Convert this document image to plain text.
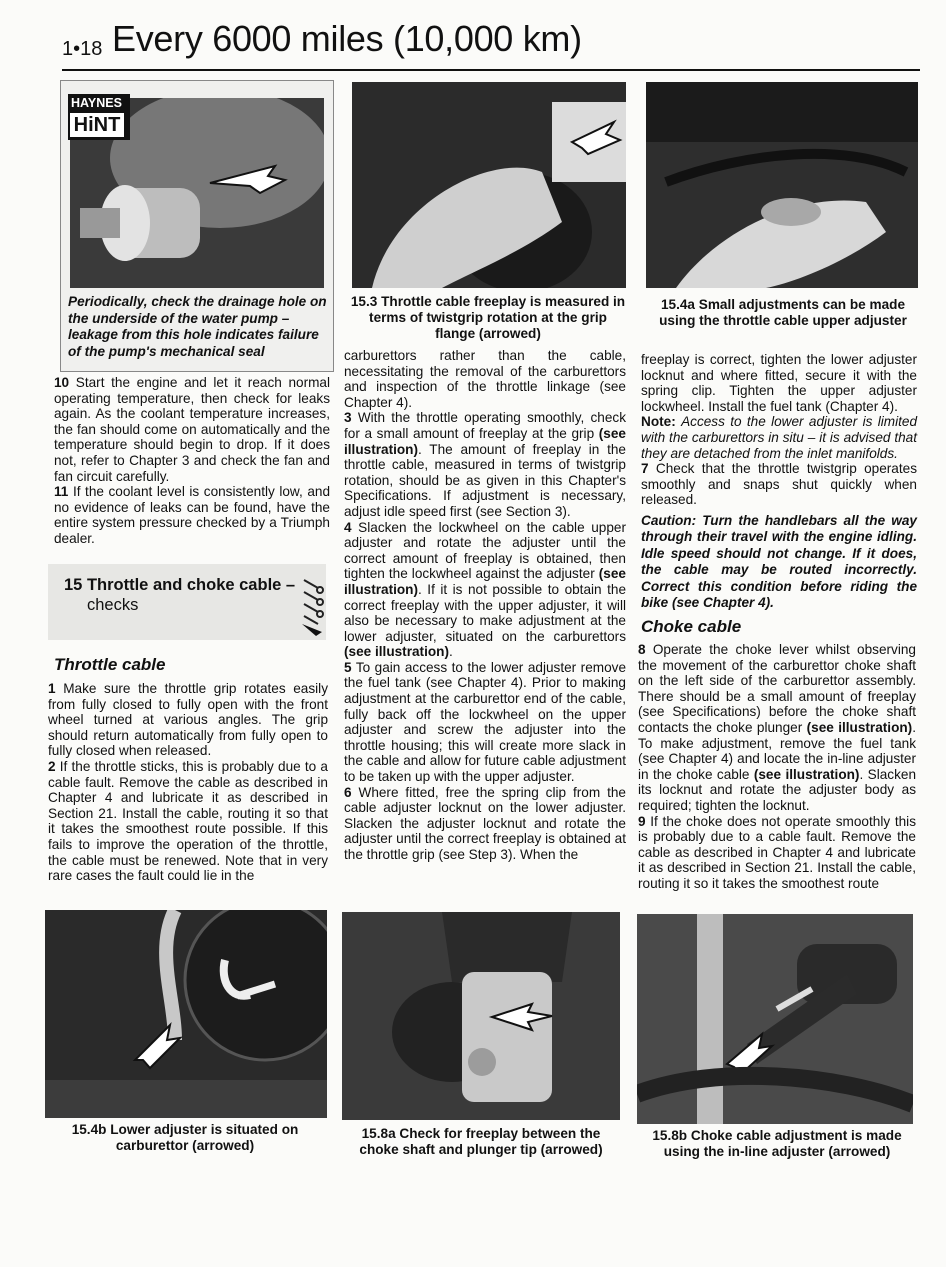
1•18 Every 6000 miles (10,000 km)
HAYNES
HiNT
Periodically, check the drainage hole on the underside of the water pump – leakage from this hole indicates failure of the pump's mechanical seal
15.3 Throttle cable freeplay is measured in terms of twistgrip rotation at the grip flange (arrowed)
15.4a Small adjustments can be made using the throttle cable upper adjuster

10 Start the engine and let it reach normal operating temperature, then check for leaks again. As the coolant temperature increases, the fan should come on automatically and the temperature should begin to drop. If it does not, refer to Chapter 3 and check the fan and fan circuit carefully.

11 If the coolant level is consistently low, and no evidence of leaks can be found, have the entire system pressure checked by a Triumph dealer.

15 Throttle and choke cable –
checks
Throttle cable

1 Make sure the throttle grip rotates easily from fully closed to fully open with the front wheel turned at various angles. The grip should return automatically from fully open to fully closed when released.

2 If the throttle sticks, this is probably due to a cable fault. Remove the cable as described in Chapter 4 and lubricate it as described in Section 21. Install the cable, routing it so that it takes the smoothest route possible. If this fails to improve the operation of the throttle, the cable must be renewed. Note that in very rare cases the fault could lie in the

carburettors rather than the cable, necessitating the removal of the carburettors and inspection of the throttle linkage (see Chapter 4).

3 With the throttle operating smoothly, check for a small amount of freeplay at the grip (see illustration). The amount of freeplay in the throttle cable, measured in terms of twistgrip rotation, should be as given in this Chapter's Specifications. If adjustment is necessary, adjust idle speed first (see Section 3).

4 Slacken the lockwheel on the cable upper adjuster and rotate the adjuster until the correct amount of freeplay is obtained, then tighten the lockwheel against the adjuster (see illustration). If it is not possible to obtain the correct freeplay with the upper adjuster, it will also be necessary to make adjustment at the lower adjuster, situated on the carburettors (see illustration).

5 To gain access to the lower adjuster remove the fuel tank (see Chapter 4). Prior to making adjustment at the carburettor end of the cable, fully back off the lockwheel on the upper adjuster and screw the adjuster into the throttle housing; this will create more slack in the cable and allow for future cable adjustment to be taken up with the upper adjuster.

6 Where fitted, free the spring clip from the cable adjuster locknut on the lower adjuster. Slacken the adjuster locknut and rotate the adjuster until the correct freeplay is obtained at the throttle grip (see Step 3). When the

freeplay is correct, tighten the lower adjuster locknut and where fitted, secure it with the spring clip. Tighten the upper adjuster lockwheel. Install the fuel tank (Chapter 4).

Note: Access to the lower adjuster is limited with the carburettors in situ – it is advised that they are detached from the inlet manifolds.

7 Check that the throttle twistgrip operates smoothly and snaps shut quickly when released.

Caution: Turn the handlebars all the way through their travel with the engine idling. Idle speed should not change. If it does, the cable may be routed incorrectly. Correct this condition before riding the bike (see Chapter 4).

Choke cable

8 Operate the choke lever whilst observing the movement of the carburettor choke shaft on the left side of the carburettor assembly. There should be a small amount of freeplay (see Specifications) before the choke shaft contacts the choke plunger (see illustration). To make adjustment, remove the fuel tank (see Chapter 4) and locate the in-line adjuster in the choke cable (see illustration). Slacken its locknut and rotate the adjuster body as required; tighten the locknut.

9 If the choke does not operate smoothly this is probably due to a cable fault. Remove the cable as described in Chapter 4 and lubricate it as described in Section 21. Install the cable, routing it so it takes the smoothest route

15.4b Lower adjuster is situated on carburettor (arrowed)
15.8a Check for freeplay between the choke shaft and plunger tip (arrowed)
15.8b Choke cable adjustment is made using the in-line adjuster (arrowed)
